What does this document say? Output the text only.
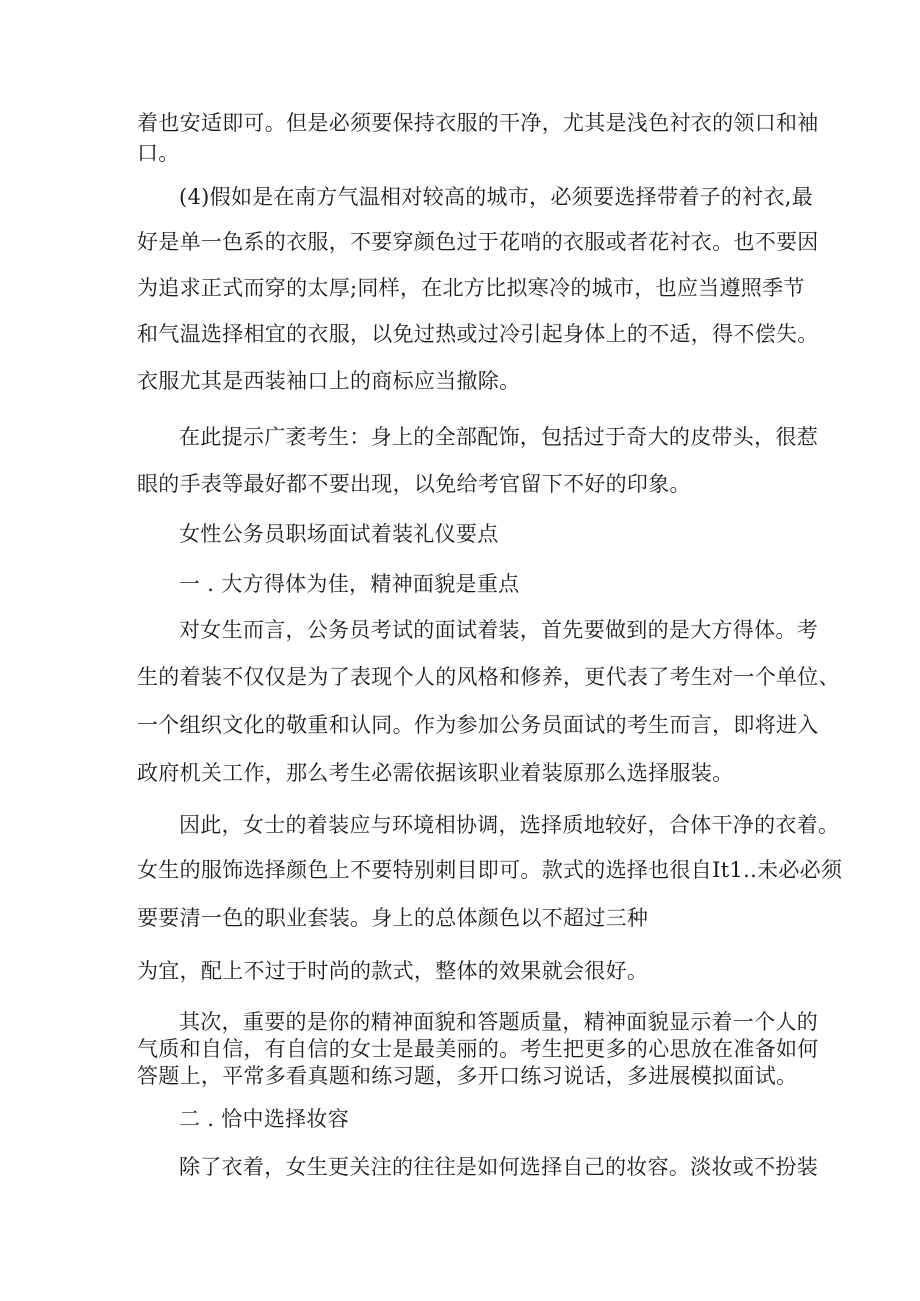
着也安适即可。但是必须要保持衣服的干净，尤其是浅色衬衣的领口和袖
口。
(4)假如是在南方气温相对较高的城市，必须要选择带着子的衬衣,最
好是单一色系的衣服，不要穿颜色过于花哨的衣服或者花衬衣。也不要因
为追求正式而穿的太厚;同样，在北方比拟寒冷的城市，也应当遵照季节
和气温选择相宜的衣服，以免过热或过冷引起身体上的不适，得不偿失。
衣服尤其是西装袖口上的商标应当撤除。
在此提示广袤考生：身上的全部配饰，包括过于奇大的皮带头，很惹
眼的手表等最好都不要出现，以免给考官留下不好的印象。
女性公务员职场面试着装礼仪要点
一 . 大方得体为佳，精神面貌是重点
对女生而言，公务员考试的面试着装，首先要做到的是大方得体。考
生的着装不仅仅是为了表现个人的风格和修养，更代表了考生对一个单位、
一个组织文化的敬重和认同。作为参加公务员面试的考生而言，即将进入
政府机关工作，那么考生必需依据该职业着装原那么选择服装。
因此，女士的着装应与环境相协调，选择质地较好，合体干净的衣着。
女生的服饰选择颜色上不要特别刺目即可。款式的选择也很自It1..未必必须
要要清一色的职业套装。身上的总体颜色以不超过三种
为宜，配上不过于时尚的款式，整体的效果就会很好。
其次，重要的是你的精神面貌和答题质量，精神面貌显示着一个人的
气质和自信，有自信的女士是最美丽的。考生把更多的心思放在准备如何
答题上，平常多看真题和练习题，多开口练习说话，多进展模拟面试。
二 . 恰中选择妆容
除了衣着，女生更关注的往往是如何选择自己的妆容。淡妆或不扮装
